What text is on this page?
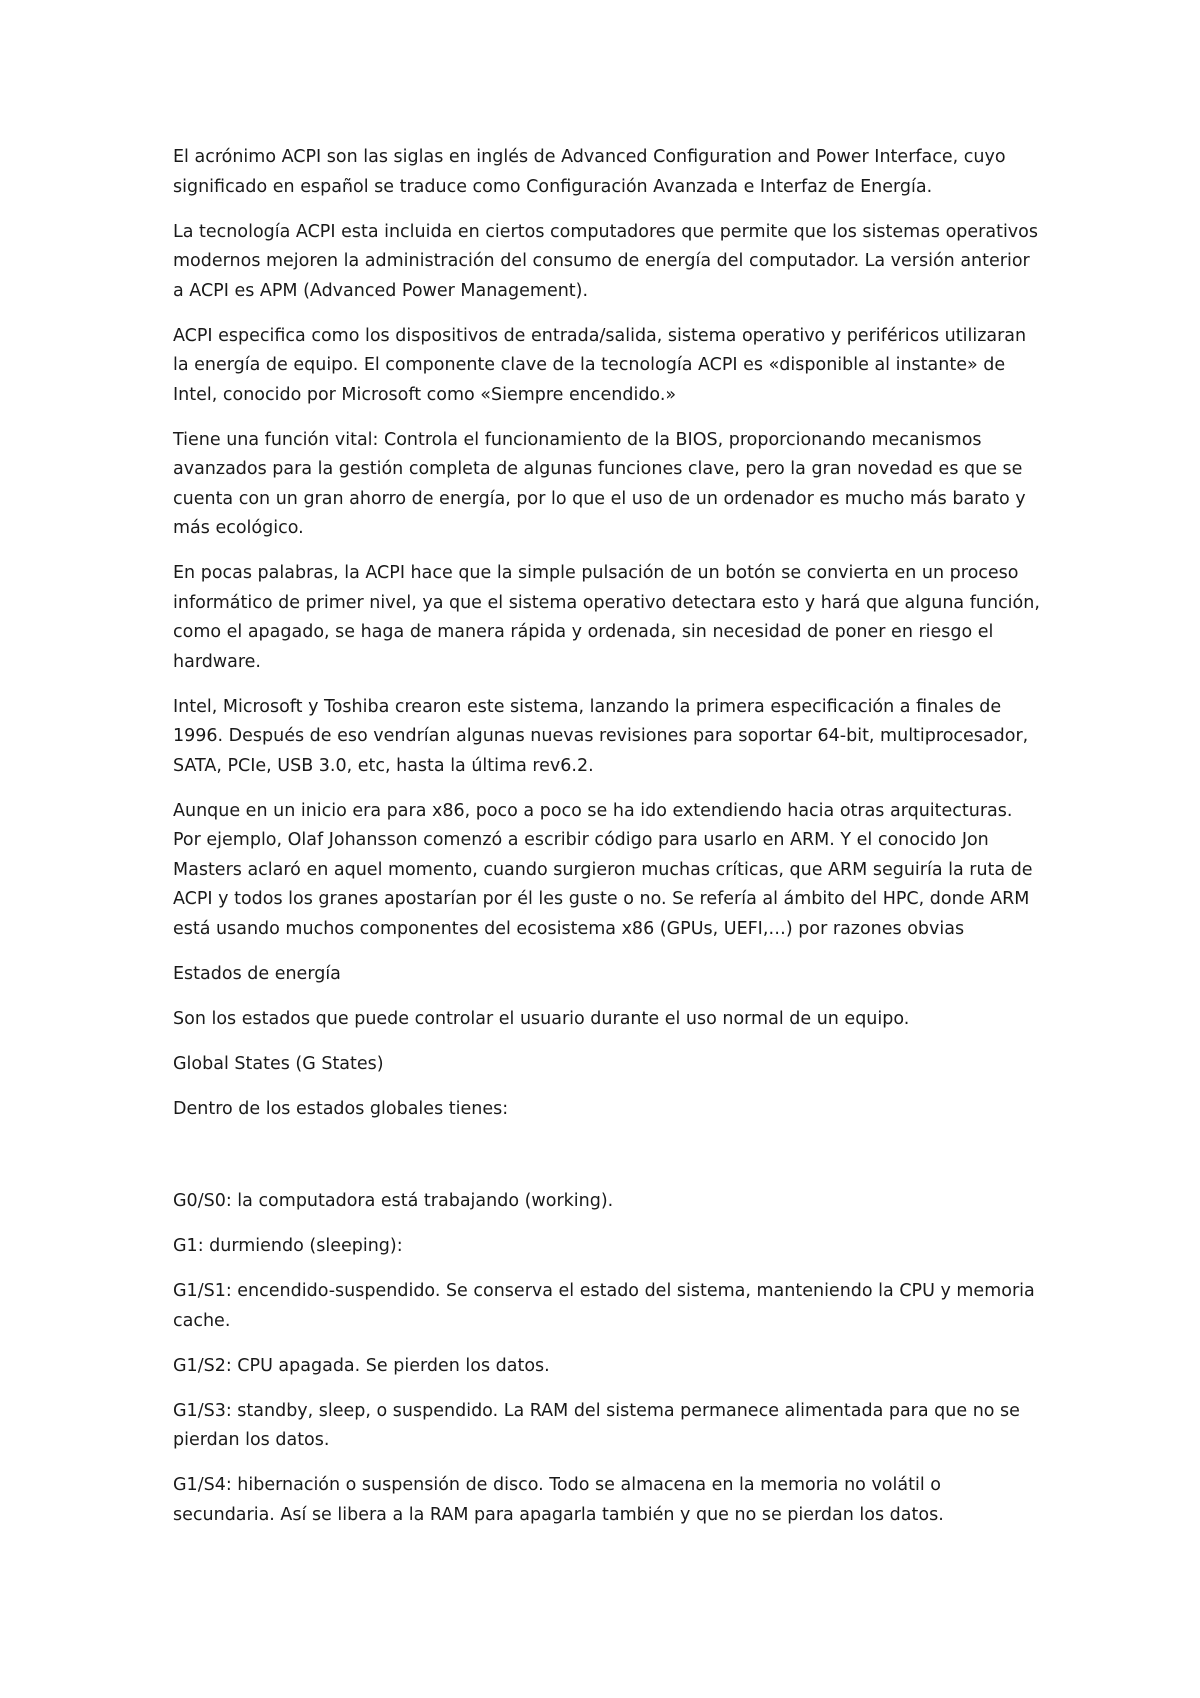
El acrónimo ACPI son las siglas en inglés de Advanced Configuration and Power Interface, cuyo significado en español se traduce como Configuración Avanzada e Interfaz de Energía.

La tecnología ACPI esta incluida en ciertos computadores que permite que los sistemas operativos modernos mejoren la administración del consumo de energía del computador. La versión anterior a ACPI es APM (Advanced Power Management).

ACPI especifica como los dispositivos de entrada/salida, sistema operativo y periféricos utilizaran la energía de equipo. El componente clave de la tecnología ACPI es «disponible al instante» de Intel, conocido por Microsoft como «Siempre encendido.»

Tiene una función vital: Controla el funcionamiento de la BIOS, proporcionando mecanismos avanzados para la gestión completa de algunas funciones clave, pero la gran novedad es que se cuenta con un gran ahorro de energía, por lo que el uso de un ordenador es mucho más barato y más ecológico.

En pocas palabras, la ACPI hace que la simple pulsación de un botón se convierta en un proceso informático de primer nivel, ya que el sistema operativo detectara esto y hará que alguna función, como el apagado, se haga de manera rápida y ordenada, sin necesidad de poner en riesgo el hardware.

Intel, Microsoft y Toshiba crearon este sistema, lanzando la primera especificación a finales de 1996. Después de eso vendrían algunas nuevas revisiones para soportar 64-bit, multiprocesador, SATA, PCIe, USB 3.0, etc, hasta la última rev6.2.

Aunque en un inicio era para x86, poco a poco se ha ido extendiendo hacia otras arquitecturas. Por ejemplo, Olaf Johansson comenzó a escribir código para usarlo en ARM. Y el conocido Jon Masters aclaró en aquel momento, cuando surgieron muchas críticas, que ARM seguiría la ruta de ACPI y todos los granes apostarían por él les guste o no. Se refería al ámbito del HPC, donde ARM está usando muchos componentes del ecosistema x86 (GPUs, UEFI,…) por razones obvias

Estados de energía

Son los estados que puede controlar el usuario durante el uso normal de un equipo.

Global States (G States)

Dentro de los estados globales tienes:

G0/S0: la computadora está trabajando (working).

G1: durmiendo (sleeping):

G1/S1: encendido-suspendido. Se conserva el estado del sistema, manteniendo la CPU y memoria cache.

G1/S2: CPU apagada. Se pierden los datos.

G1/S3: standby, sleep, o suspendido. La RAM del sistema permanece alimentada para que no se pierdan los datos.

G1/S4: hibernación o suspensión de disco. Todo se almacena en la memoria no volátil o secundaria. Así se libera a la RAM para apagarla también y que no se pierdan los datos.
